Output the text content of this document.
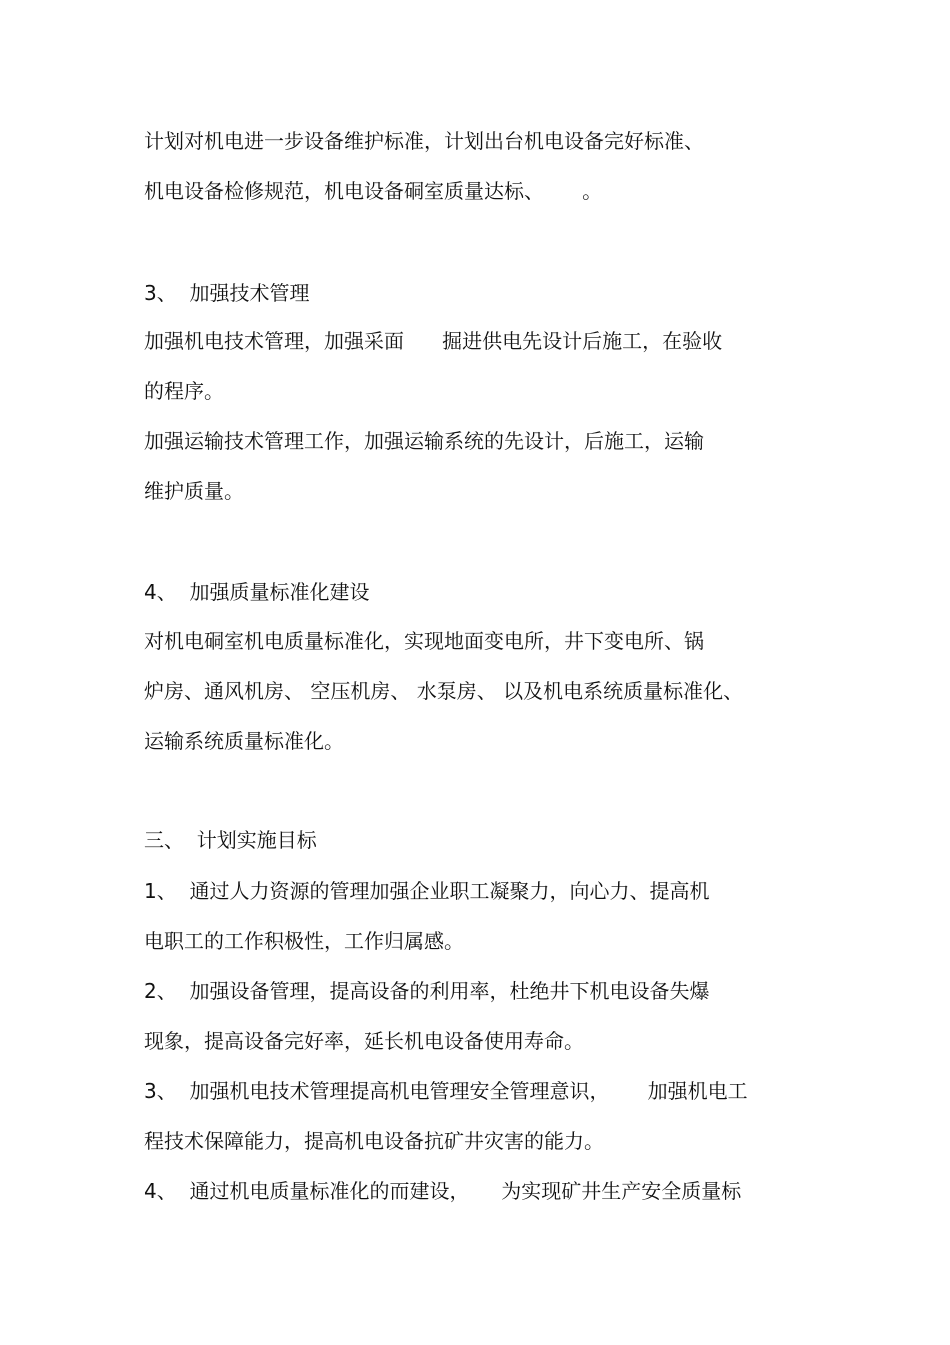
计划对机电进一步设备维护标准，计划出台机电设备完好标准、

机电设备检修规范，机电设备硐室质量达标、      。

3、  加强技术管理

加强机电技术管理，加强采面      掘进供电先设计后施工，在验收

的程序。

加强运输技术管理工作，加强运输系统的先设计，后施工，运输

维护质量。

4、  加强质量标准化建设

对机电硐室机电质量标准化，实现地面变电所，井下变电所、锅

炉房、通风机房、 空压机房、 水泵房、 以及机电系统质量标准化、

运输系统质量标准化。

三、  计划实施目标

1、  通过人力资源的管理加强企业职工凝聚力，向心力、提高机

电职工的工作积极性，工作归属感。

2、  加强设备管理，提高设备的利用率，杜绝井下机电设备失爆

现象，提高设备完好率，延长机电设备使用寿命。

3、  加强机电技术管理提高机电管理安全管理意识，      加强机电工

程技术保障能力，提高机电设备抗矿井灾害的能力。

4、  通过机电质量标准化的而建设，     为实现矿井生产安全质量标
